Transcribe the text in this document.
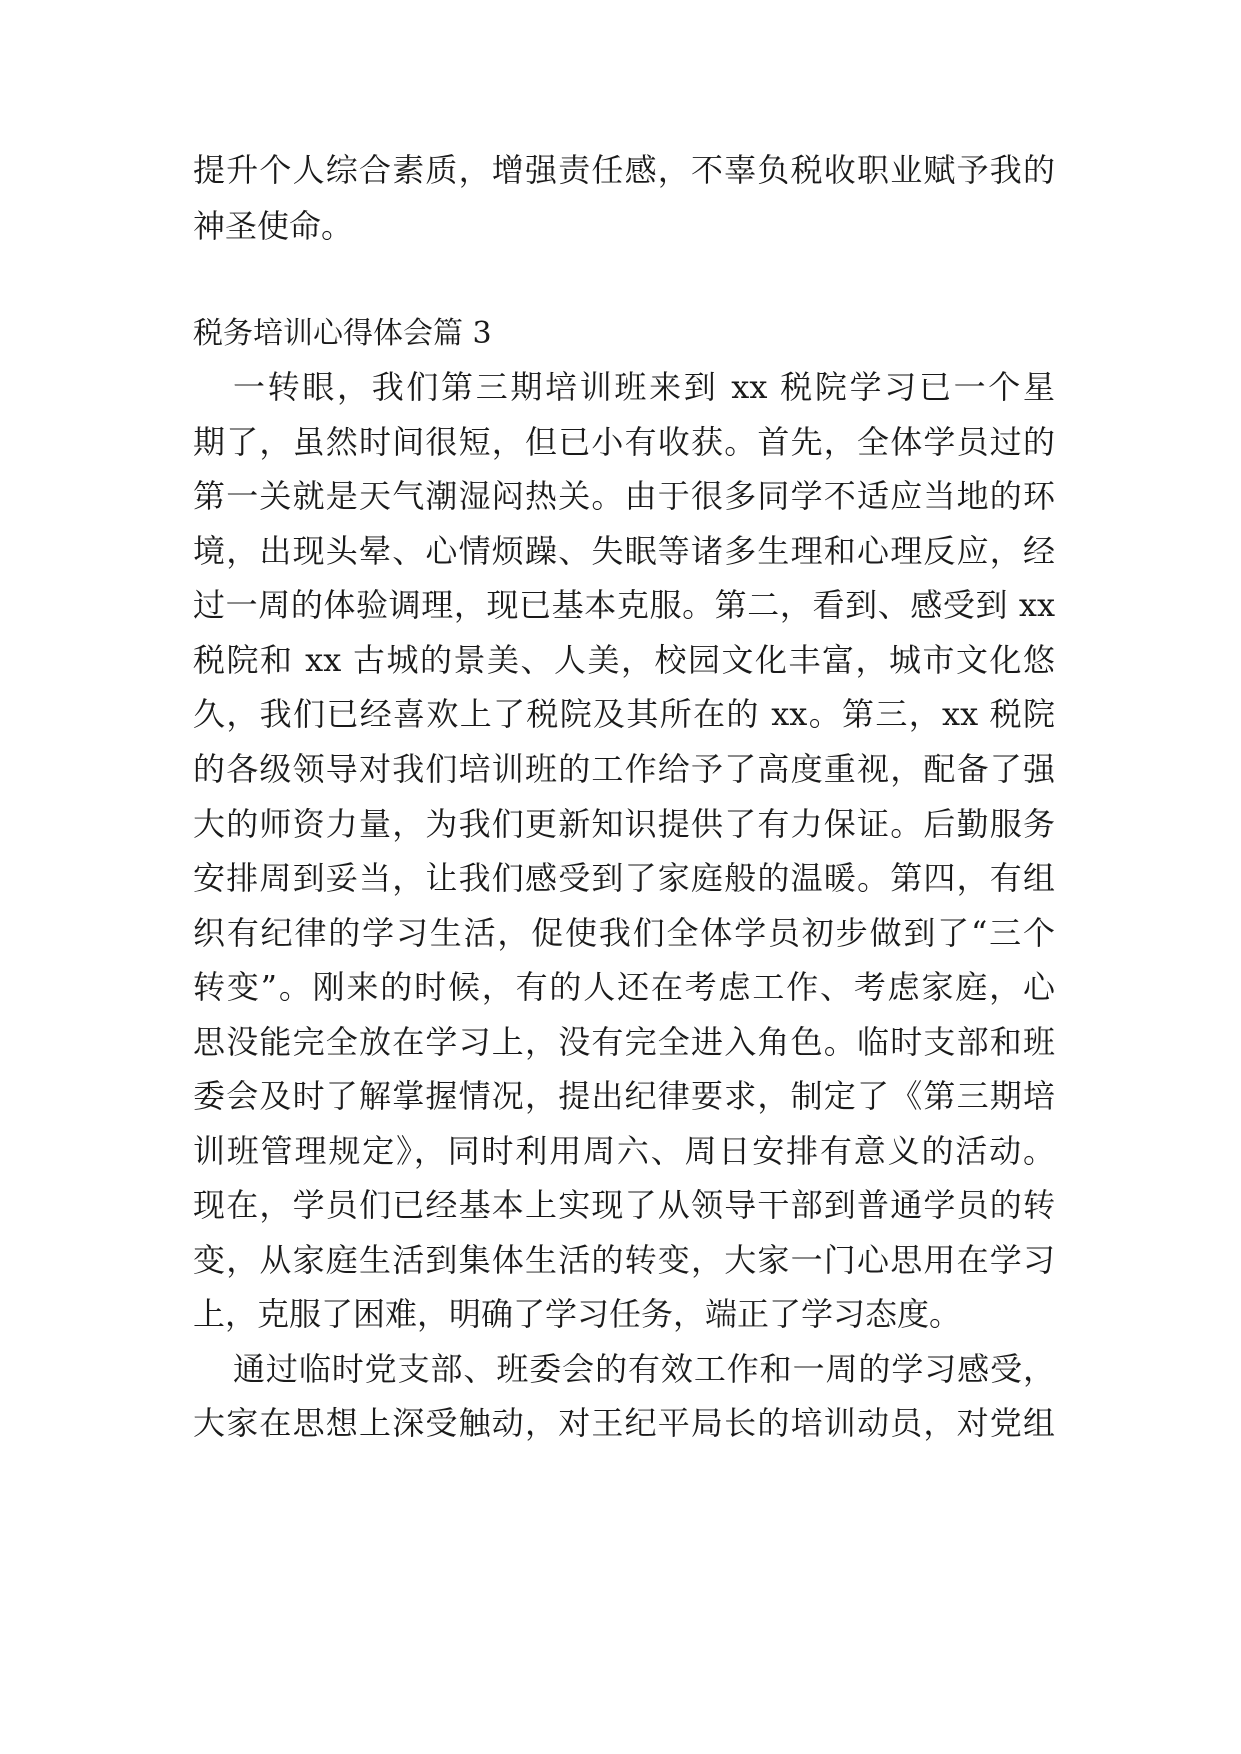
提升个人综合素质，增强责任感，不辜负税收职业赋予我的
神圣使命。
税务培训心得体会篇 3
一转眼，我们第三期培训班来到 xx 税院学习已一个星
期了，虽然时间很短，但已小有收获。首先，全体学员过的
第一关就是天气潮湿闷热关。由于很多同学不适应当地的环
境，出现头晕、心情烦躁、失眠等诸多生理和心理反应，经
过一周的体验调理，现已基本克服。第二，看到、感受到 xx
税院和 xx 古城的景美、人美，校园文化丰富，城市文化悠
久，我们已经喜欢上了税院及其所在的 xx。第三，xx 税院
的各级领导对我们培训班的工作给予了高度重视，配备了强
大的师资力量，为我们更新知识提供了有力保证。后勤服务
安排周到妥当，让我们感受到了家庭般的温暖。第四，有组
织有纪律的学习生活，促使我们全体学员初步做到了“三个
转变”。刚来的时候，有的人还在考虑工作、考虑家庭，心
思没能完全放在学习上，没有完全进入角色。临时支部和班
委会及时了解掌握情况，提出纪律要求，制定了《第三期培
训班管理规定》，同时利用周六、周日安排有意义的活动。
现在，学员们已经基本上实现了从领导干部到普通学员的转
变，从家庭生活到集体生活的转变，大家一门心思用在学习
上，克服了困难，明确了学习任务，端正了学习态度。
通过临时党支部、班委会的有效工作和一周的学习感受，
大家在思想上深受触动，对王纪平局长的培训动员，对党组
